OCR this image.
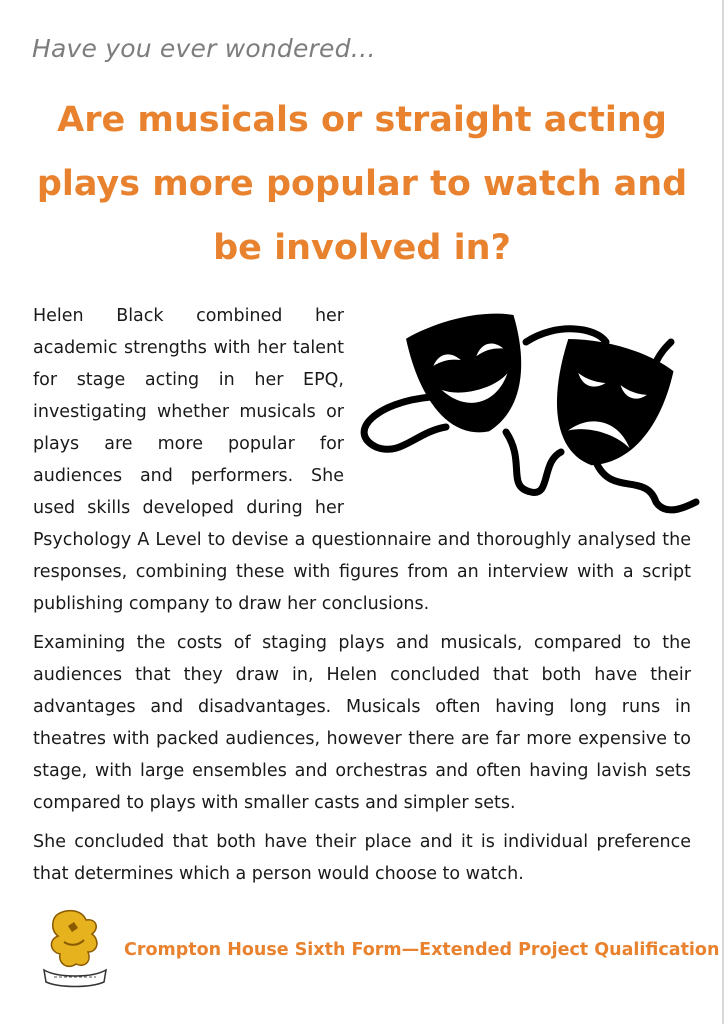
Have you ever wondered…
Are musicals or straight acting plays more popular to watch and be involved in?

Helen Black combined her academic strengths with her talent for stage acting in her EPQ, investigating whether musicals or plays are more popular for audiences and performers. She used skills developed during her Psychology A Level to devise a questionnaire and thoroughly analysed the responses, combining these with figures from an interview with a script publishing company to draw her conclusions.

Examining the costs of staging plays and musicals, compared to the audiences that they draw in, Helen concluded that both have their advantages and disadvantages. Musicals often having long runs in theatres with packed audiences, however there are far more expensive to stage, with large ensembles and orchestras and often having lavish sets compared to plays with smaller casts and simpler sets.

She concluded that both have their place and it is individual preference that determines which a person would choose to watch.

Crompton House Sixth Form—Extended Project Qualification
